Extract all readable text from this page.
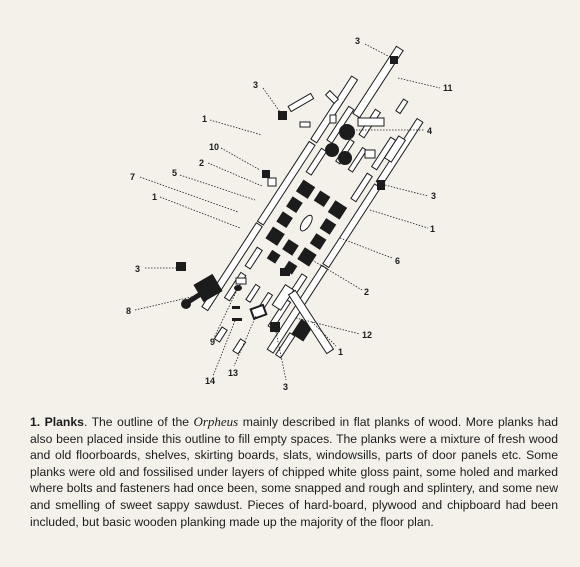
3
11
3
1
4
10
2
5
7
3
1
1
6
3
2
8
12
9
1
13
14
3
1. Planks. The outline of the Orpheus mainly described in flat planks of wood. More planks had also been placed inside this outline to fill empty spaces. The planks were a mixture of fresh wood and old floorboards, shelves, skirting boards, slats, windowsills, parts of door panels etc. Some planks were old and fossilised under layers of chipped white gloss paint, some holed and marked where bolts and fasteners had once been, some snapped and rough and splintery, and some new and smelling of sweet sappy sawdust. Pieces of hard-board, plywood and chipboard had been included, but basic wooden planking made up the majority of the floor plan.
